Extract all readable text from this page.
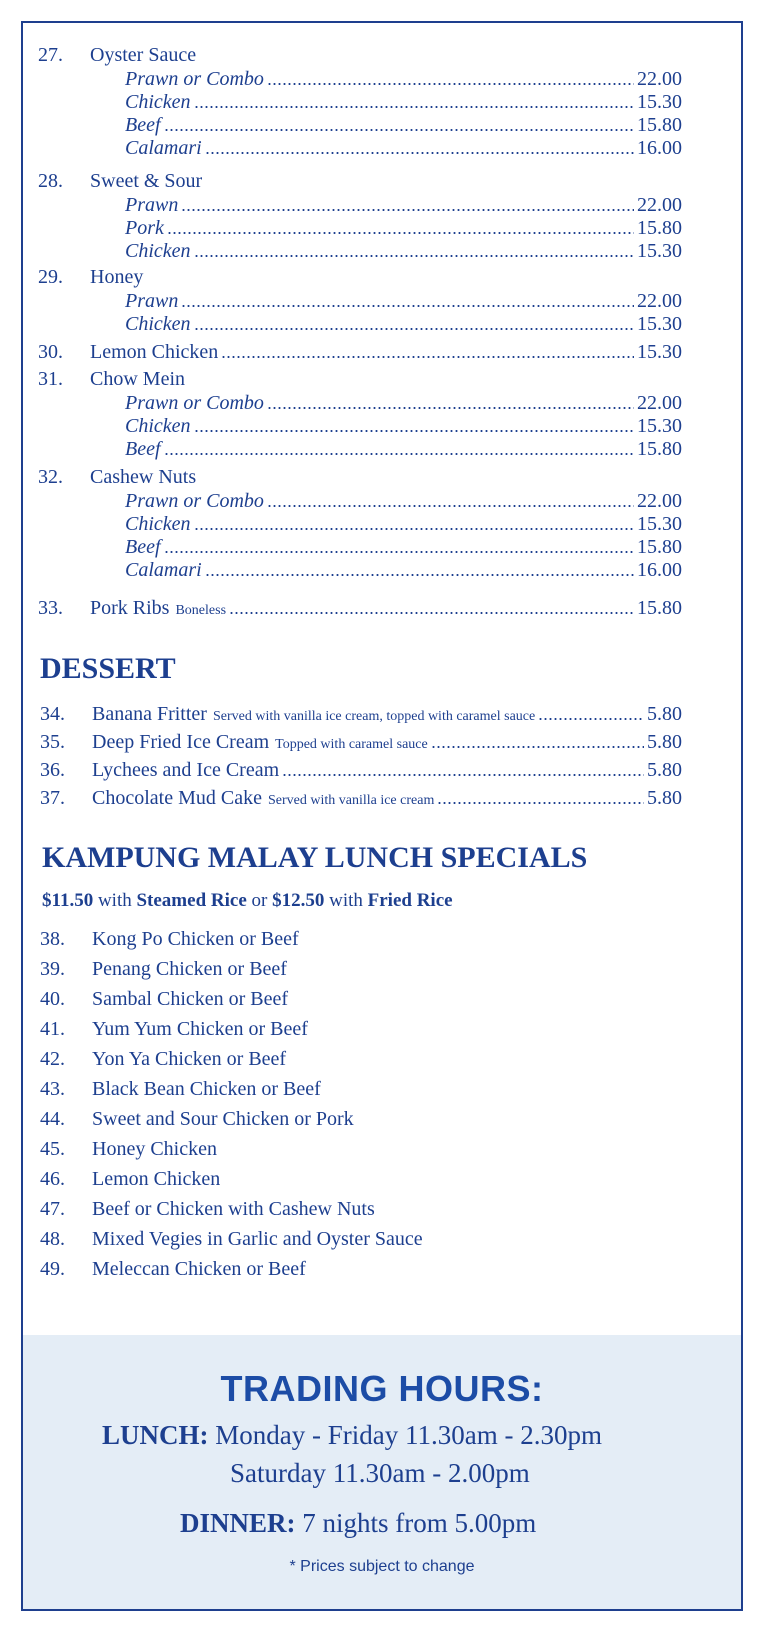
27.	Oyster Sauce
Prawn or Combo	22.00
Chicken	15.30
Beef	15.80
Calamari	16.00
28.	Sweet & Sour
Prawn	22.00
Pork	15.80
Chicken	15.30
29.	Honey
Prawn	22.00
Chicken	15.30
30.	Lemon Chicken	15.30
31.	Chow Mein
Prawn or Combo	22.00
Chicken	15.30
Beef	15.80
32.	Cashew Nuts
Prawn or Combo	22.00
Chicken	15.30
Beef	15.80
Calamari	16.00
33.	Pork Ribs Boneless	15.80
DESSERT
34.	Banana Fritter Served with vanilla ice cream, topped with caramel sauce	5.80
35.	Deep Fried Ice Cream Topped with caramel sauce	5.80
36.	Lychees and Ice Cream	5.80
37.	Chocolate Mud Cake Served with vanilla ice cream	5.80
KAMPUNG MALAY LUNCH SPECIALS
$11.50 with Steamed Rice or $12.50 with Fried Rice
38.	Kong Po Chicken or Beef
39.	Penang Chicken or Beef
40.	Sambal Chicken or Beef
41.	Yum Yum Chicken or Beef
42.	Yon Ya Chicken or Beef
43.	Black Bean Chicken or Beef
44.	Sweet and Sour Chicken or Pork
45.	Honey Chicken
46.	Lemon Chicken
47.	Beef or Chicken with Cashew Nuts
48.	Mixed Vegies in Garlic and Oyster Sauce
49.	Meleccan Chicken or Beef
TRADING HOURS:
LUNCH: Monday - Friday 11.30am - 2.30pm
Saturday 11.30am - 2.00pm
DINNER: 7 nights from 5.00pm
* Prices subject to change
